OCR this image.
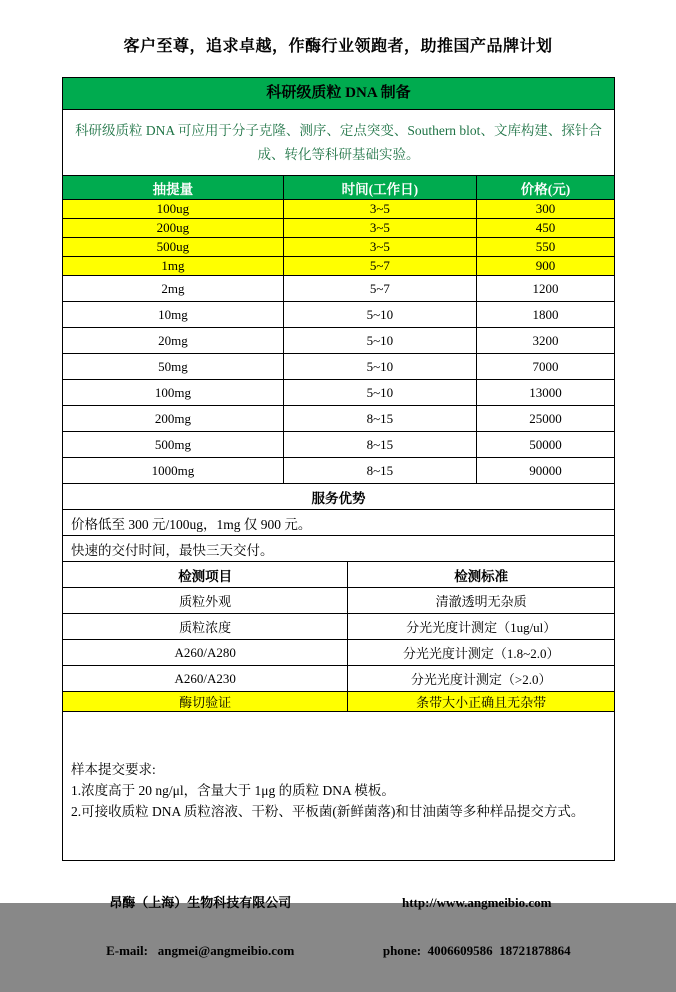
客户至尊，追求卓越，作酶行业领跑者，助推国产品牌计划
科研级质粒 DNA 制备
科研级质粒 DNA 可应用于分子克隆、测序、定点突变、Southern blot、文库构建、探针合成、转化等科研基础实验。
抽提量	时间(工作日)	价格(元)
100ug	3~5	300
200ug	3~5	450
500ug	3~5	550
1mg	5~7	900
2mg	5~7	1200
10mg	5~10	1800
20mg	5~10	3200
50mg	5~10	7000
100mg	5~10	13000
200mg	8~15	25000
500mg	8~15	50000
1000mg	8~15	90000
服务优势		
价格低至 300 元/100ug，1mg 仅 900 元。		
快速的交付时间，最快三天交付。		
检测项目	检测标准
质粒外观	清澈透明无杂质
质粒浓度	分光光度计测定（1ug/ul）
A260/A280	分光光度计测定（1.8~2.0）
A260/A230	分光光度计测定（>2.0）
酶切验证	条带大小正确且无杂带
样本提交要求:
1.浓度高于 20 ng/μl，含量大于 1μg 的质粒 DNA 模板。
2.可接收质粒 DNA 质粒溶液、干粉、平板菌(新鲜菌落)和甘油菌等多种样品提交方式。

昂酶（上海）生物科技有限公司

E-mail:   angmei@angmeibio.com

http://www.angmeibio.com

phone:  4006609586  18721878864
